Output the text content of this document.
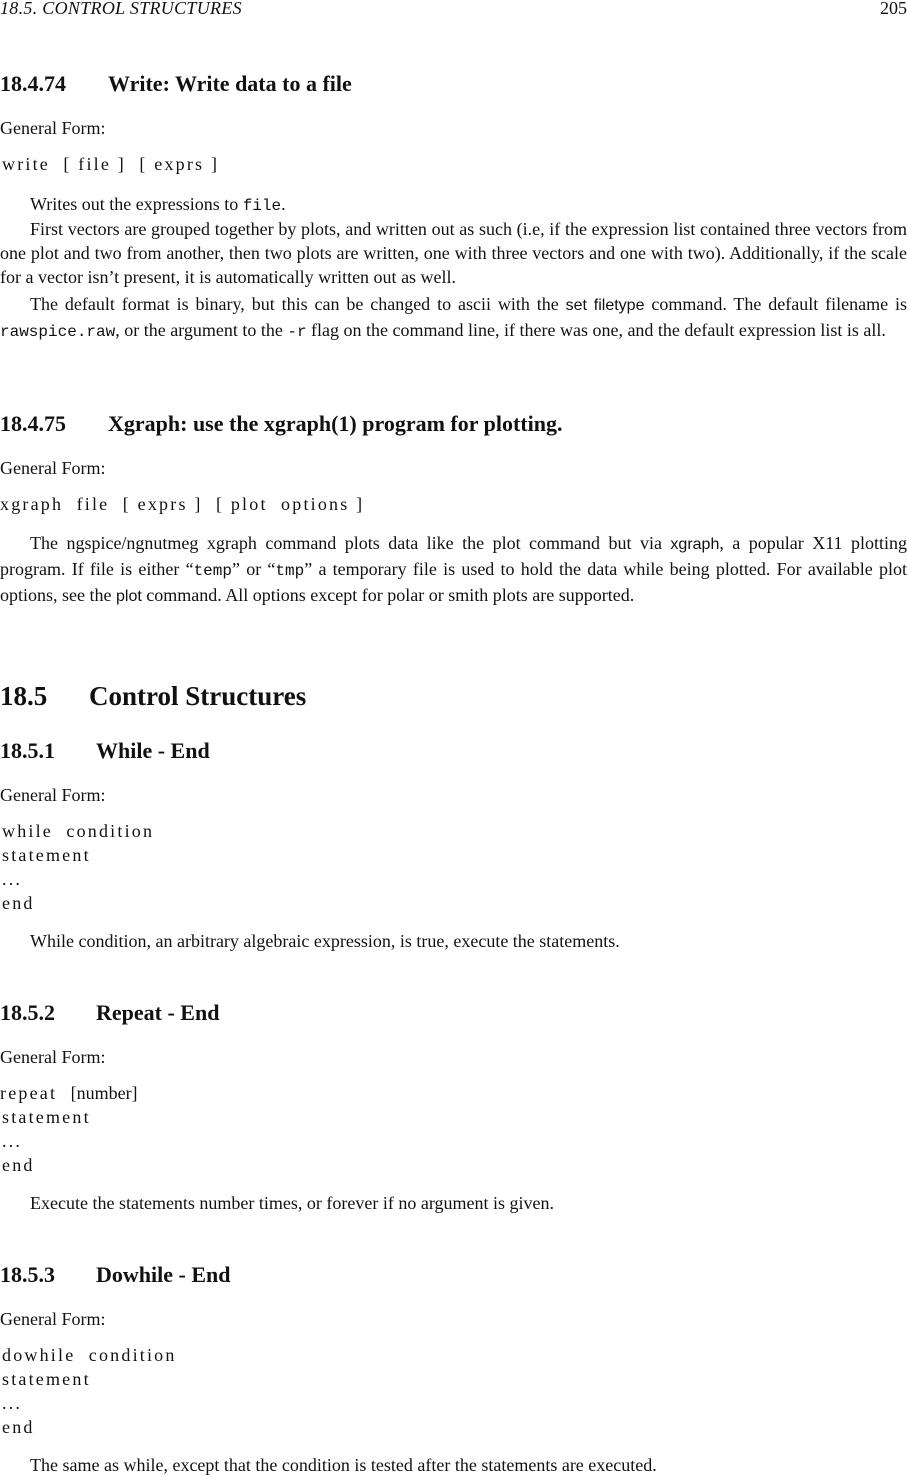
18.5. CONTROL STRUCTURES	205
18.4.74 Write: Write data to a file
General Form:
write  [ file ]  [ exprs ]
Writes out the expressions to file.
First vectors are grouped together by plots, and written out as such (i.e, if the expression list contained three vectors from one plot and two from another, then two plots are written, one with three vectors and one with two). Additionally, if the scale for a vector isn’t present, it is automatically written out as well.
The default format is binary, but this can be changed to ascii with the set filetype command. The default filename is rawspice.raw, or the argument to the -r flag on the command line, if there was one, and the default expression list is all.
18.4.75 Xgraph: use the xgraph(1) program for plotting.
General Form:
xgraph  file  [ exprs ]  [ plot  options ]
The ngspice/ngnutmeg xgraph command plots data like the plot command but via xgraph, a popular X11 plotting program. If file is either “temp” or “tmp” a temporary file is used to hold the data while being plotted. For available plot options, see the plot command. All options except for polar or smith plots are supported.
18.5 Control Structures
18.5.1 While - End
General Form:
while  condition
statement
...
end
While condition, an arbitrary algebraic expression, is true, execute the statements.
18.5.2 Repeat - End
General Form:
repeat  [number]
statement
...
end
Execute the statements number times, or forever if no argument is given.
18.5.3 Dowhile - End
General Form:
dowhile  condition
statement
...
end
The same as while, except that the condition is tested after the statements are executed.
